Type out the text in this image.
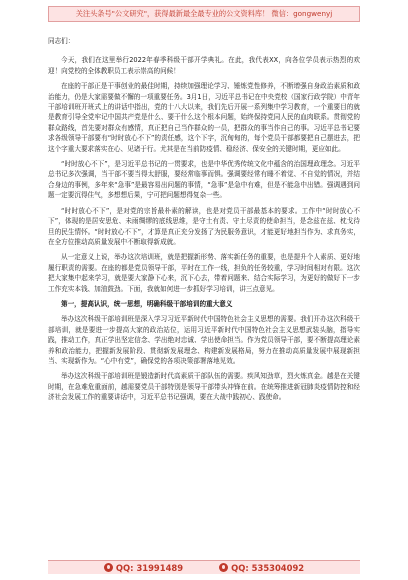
关注头条号"公文研究"，获得最新最全最专业的公文资料库！ 微信：gongwenyj

同志们：

今天，我们在这里举行2022年春季科级干部开学典礼。在此，我代表XX，向各位学员表示热烈的欢迎！向党校的全体教职员工表示崇高的问候！

在座的干部正是干事创业的最佳时期，持续加强理论学习、锤炼党性修养，不断增强自身政治素质和政治能力，仍是大家需要做不懈的一项重要任务。3月1日，习近平总书记在中央党校（国家行政学院）中青年干部培训班开班式上的讲话中指出，党的十八大以来，我们先后开展一系列集中学习教育，一个重要目的就是教育引导全党牢记中国共产党是什么、要干什么这个根本问题，始终保持党同人民的血肉联系。贯彻党的群众路线，首先要对群众有感情，真正把自己当作群众的一员，把群众的事当作自己的事。习近平总书记要求各级领导干部要有“时时放心不下”的责任感，这个下字，沉甸甸的，每个党员干部都要把自己摆进去，把这个字重大要求落实在心、见诸于行。尤其是在当前防疫情、稳经济、保安全的关键时期，更应如此。

“时时放心不下”，是习近平总书记的一贯要求，也是中华优秀传统文化中蕴含的治国理政理念。习近平总书记多次强调，当干部不要当得太舒服，要经常临事而惧。强调要经常有睡不着觉、不自觉的情况，并结合身边的事例，多年来“急事”是最容易出问题的事情，“急事”是急中有难，但是不能急中出错。强调遇到问题一定要沉得住气，多想想后果，宁可把问题想得复杂一些。

“时时放心不下”，是对党的宗旨最朴素的解读，也是对党员干部最基本的要求。工作中“时时放心不下”，体现的是居安思危、未雨绸缪的底线思维，是守土有责、守土尽责的使命担当，是念兹在兹、枕戈待旦的民生情怀。“时时放心不下”，才算是真正充分发扬了为民服务意识，才能更好地担当作为、求真务实，在全方位推动高质量发展中不断取得新成就。

从一定意义上说，举办这次培训班，就是把握新形势、落实新任务的重要，也是提升个人素质、更好地履行职责的需要。在座的都是党员领导干部，平时在工作一线，担负的任务较重，学习时间相对有限。这次把大家集中起来学习，就是要大家静下心来，沉下心去，带着问题来、结合实际学习，为更好的做好下一步工作充实本钱、加油鼓劲。下面，我就如何进一步抓好学习培训，讲三点意见。

第一，提高认识，统一思想，明确科级干部培训的重大意义

举办这次科级干部培训班是深入学习习近平新时代中国特色社会主义思想的需要。我们开办这次科级干部培训，就是要进一步提高大家的政治站位，运用习近平新时代中国特色社会主义思想武装头脑，指导实践，推动工作，真正学出坚定信念、学出绝对忠诚、学出使命担当。作为党员领导干部，要不断提高理论素养和政治能力，把握新发展阶段、贯彻新发展理念、构建新发展格局，努力在推动高质量发展中展现新担当、实现新作为。“心中有党”，确保党的各项决策部署落地见效。

举办这次科级干部培训班是锻造新时代高素质干部队伍的需要。疾风知劲草，烈火炼真金。越是在关键时期，在急难危重面前，越需要党员干部特别是领导干部带头冲锋在前。在统筹推进新冠肺炎疫情防控和经济社会发展工作的重要讲话中，习近平总书记强调，要在大战中践初心、践使命。

QQ: 31991489	QQ: 535304092
